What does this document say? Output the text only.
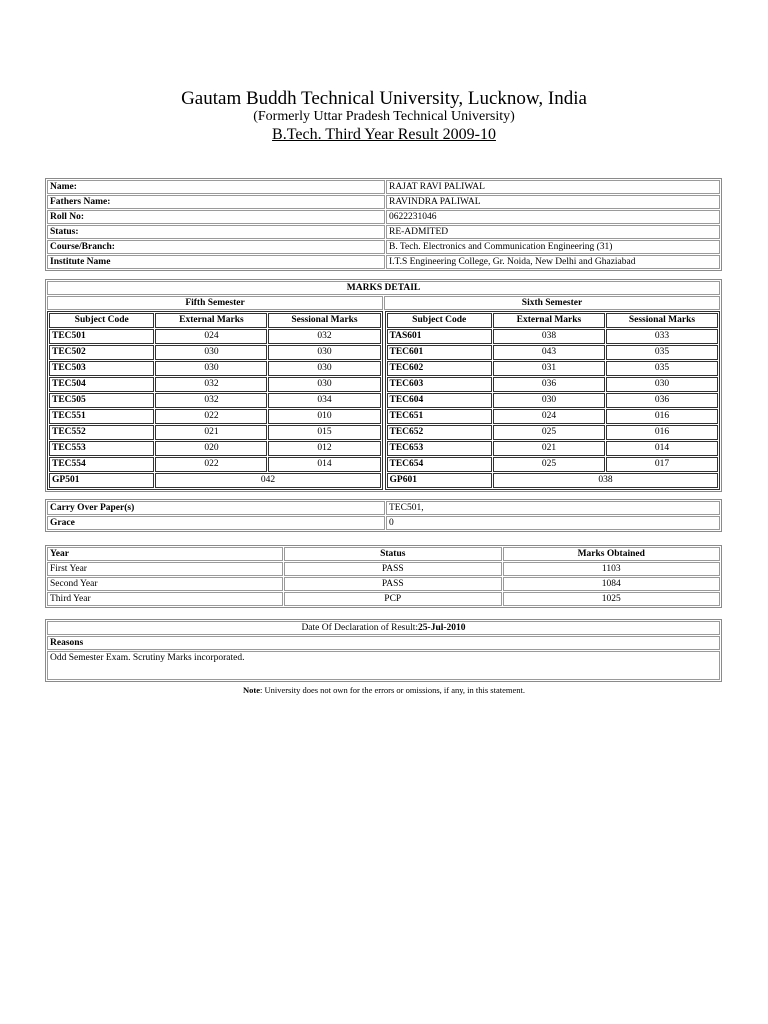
Gautam Buddh Technical University, Lucknow, India
(Formerly Uttar Pradesh Technical University)
B.Tech. Third Year Result 2009-10
Name:	RAJAT RAVI PALIWAL
Fathers Name:	RAVINDRA PALIWAL
Roll No:	0622231046
Status:	RE-ADMITED
Course/Branch:	B. Tech. Electronics and Communication Engineering (31)
Institute Name	I.T.S Engineering College, Gr. Noida, New Delhi and Ghaziabad
MARKS DETAIL
Fifth Semester	Sixth Semester
Subject Code	External Marks	Sessional Marks
TEC501	024	032
TEC502	030	030
TEC503	030	030
TEC504	032	030
TEC505	032	034
TEC551	022	010
TEC552	021	015
TEC553	020	012
TEC554	022	014
GP501	042	
Subject Code	External Marks	Sessional Marks
TAS601	038	033
TEC601	043	035
TEC602	031	035
TEC603	036	030
TEC604	030	036
TEC651	024	016
TEC652	025	016
TEC653	021	014
TEC654	025	017
GP601	038	
Carry Over Paper(s)	TEC501,
Grace	0
Year	Status	Marks Obtained
First Year	PASS	1103
Second Year	PASS	1084
Third Year	PCP	1025
Date Of Declaration of Result:25-Jul-2010
Reasons
Odd Semester Exam. Scrutiny Marks incorporated.
Note: University does not own for the errors or omissions, if any, in this statement.
